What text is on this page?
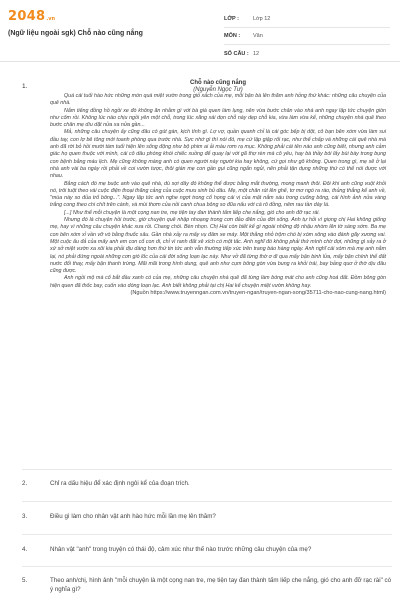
2048 .vn
(Ngữ liệu ngoài sgk) Chỗ nào cũng nắng
LỚP :	Lớp 12
MÔN :	Văn
SỐ CÂU : 12
1.	Chỗ nào cũng nắng
(Nguyễn Ngọc Tư)

Quá cái tuổi hào hức những món quà miệt vườn trong giỏ xách của mẹ, mỗi bận bà lên thăm anh hỏng thứ khác: những câu chuyện của quê nhà.

Nắm tiếng đồng hồ ngồi xe đò không ăn nhằm gì với bà già quen làm lụng, nên vừa bước chân vào nhà anh ngay lập tức chuyện giòn như cốm rồi. Không lúc nào chịu ngồi yên một chỗ, trong lúc xăng xái dọn chỗ này dẹp chỗ kia, vừa làm vừa kể, những chuyện nhà quê theo bước chân mẹ dìu dặt nửa xa nửa gần...

Mả, những câu chuyện ấy cũng đâu có gút gàn, kịch tính gì. Lợ vợ, quần quanh chỉ là cái góc bếp bị dột, cô bạn bên xóm vừa làm sui đầu tay, con lợ bê tông mới toanh phòng qua trước nhà. Sực nhớ gì thì nói đó, mẹ cứ lập giập rối rạc, như thể chấp vá những cái quê nhà mà anh đã rời bỏ hồi mười tám tuổi hiện lên sống động như bộ phim ai ải màu rơm rạ mục. Không phải cái tên nào anh cũng biết, nhưng anh cảm giác họ quen thuộc với mình, cái cô dâu phóng khói chiếc xuồng để quay lại với gã thợ rèn mà cô yêu, hay bà thầy bói lấy bùi bày trong bụng con bệnh bằng máu lịch. Mẹ cũng không màng anh có quen người này người kia hay không, cứ gọi như gõ không. Quen trong gì, mẹ sẽ ở lại nhà anh vài ba ngày rồi phải về coi vườn tược, thôi giàn mẹ con gần gụi cũng ngắn ngủi, nên phải tận dụng những thứ có thể nói được với nhau.

Bằng cách đó mẹ buộc anh vào quê nhà, dù sợi dây đó không thể được bằng mắt thường, mong manh thôi. Đôi khi anh cũng vuột khỏi nó, trôi tuột theo vài cuộc điện thoại thăng cảng của cuộc mưu sinh bủ dâu. Mẹ, một chân rút lên ghế, tơ mơ ngó ra rào, thủng thẳng kể anh về, "mùa này so đủa trổ bông...". Ngay lập tức anh nghe ngợt trong cổ họng cái vị của mật nắm sáu trong cuống bông, cái hình ảnh nửa vàng trắng cong theo chi chít trên cành, và mùi thơm của nồi canh chua bông so đũa nấu với cá rô đồng, nêm rau tần dày lá.

[...] Như thể mỗi chuyện là một cọng nan tre, mẹ tiện tay đan thành tấm liếp che nắng, gió cho anh đỡ rạc rài.

Nhưng đó là chuyện hồi trước, giờ chuyện quê nhập nhoạng trong cơn đảo điên của đời sống. Anh tự hỏi vì giọng chị Hai không giống mẹ, hay vì những câu chuyện khác xưa rồi. Chang chói. Bèn nhọn. Chị Hai còn biết kể gì ngoài những độ nhậu nhòm lên tờ sáng sớm. Ba mẹ con bên xóm xỉ vần vỡ vò bằng thuốc sâu. Gần nhà xảy ra mấy vụ đâm xe máy. Một thằng nhỏ trộm chó bị xóm xông vào đánh gãy xương vai. Một cuộc ấu đả của mấy anh em con cổ con di, chỉ vì ranh đất xê xích có một tấc. Anh nghĩ đó không phải thứ mình chờ đợi, những gì xảy ra ở xứ sở miệt vườn xa xôi kia phải dịu dàng hơn thứ tin tức anh vẫn thường tiếp xúc trên trang báo hàng ngày. Anh nghĩ cái xóm mà mẹ anh nằm lại, nó phải đứng ngoài những cơn gió lốc của cái đời sống loạn lạc này. Như vở đã từng thờ ơ đi qua mấy bận binh lửa, mấy bận chính thể đất nước đổi thay, mấy bận thanh trừng. Mãi mãi trong hình dung, quê anh như cụm bông gòn vừa bung ra khỏi trái, bay bảng quơ ở thờ dịu đâu cũng được.

Anh ngồi mộ mà cố bắt đầu xanh có của mẹ, những câu chuyện nhà quê đã từng làm bóng mát cho anh cũng hoá đất. Đồm bông gòn hiện quen đã thốc bay, cuốn vào dòng loạn lạc. Anh biết không phải tại chị Hai kể chuyện miệt vườn không hay.

(Nguồn https://www.truyenngan.com.vn/truyen-ngan/truyen-ngan-song/35711-cho-nao-cung-nang.html)

2.	Chỉ ra dấu hiệu để xác định ngôi kể của đoạn trích.
3.	Điều gì làm cho nhân vật anh hào hức mỗi lần mẹ lên thăm?
4.	Nhân vật "anh" trong truyện có thái độ, cảm xúc như thế nào trước những câu chuyện của mẹ?
5.	Theo anh/chị, hình ảnh "mỗi chuyện là một cọng nan tre, mẹ tiện tay đan thành tấm liếp che nắng, gió cho anh đỡ rạc rài" có ý nghĩa gì?
